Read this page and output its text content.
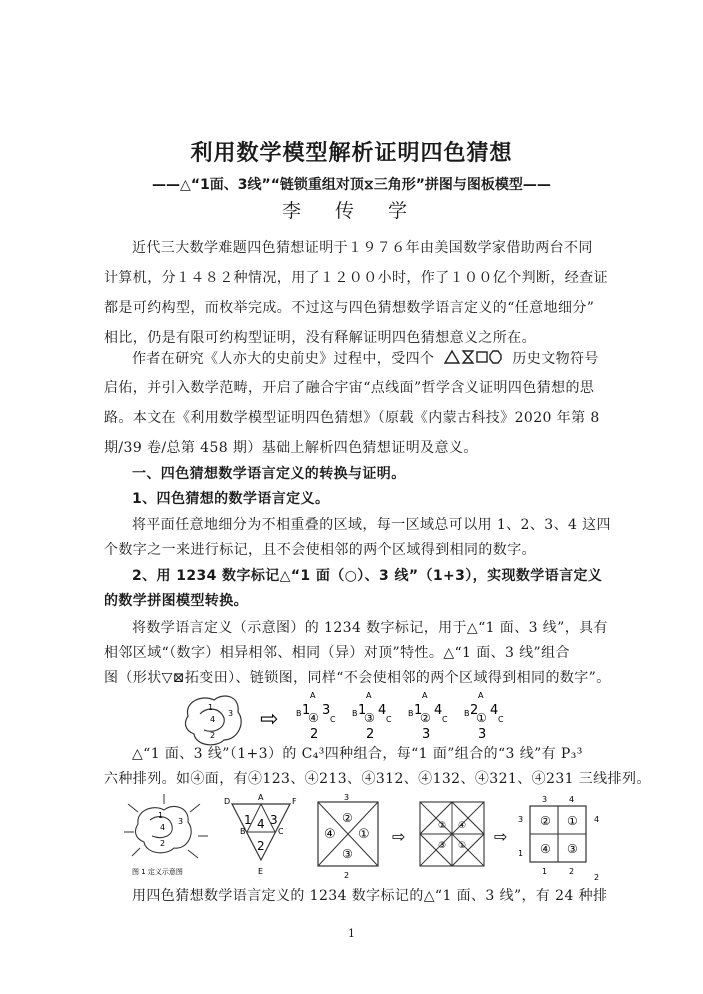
利用数学模型解析证明四色猜想
——△“1面、3线”“链锁重组对顶⧖三角形”拼图与图板模型——
李 传 学
近代三大数学难题四色猜想证明于１９７６年由美国数学家借助两台不同
计算机，分１４８２种情况，用了１２００小时，作了１００亿个判断，经查证
都是可约构型，而枚举完成。不过这与四色猜想数学语言定义的“任意地细分”
相比，仍是有限可约构型证明，没有释解证明四色猜想意义之所在。
作者在研究《人亦大的史前史》过程中，受四个	历史文物符号
启佑，并引入数学范畴，开启了融合宇宙“点线面”哲学含义证明四色猜想的思
路。本文在《利用数学模型证明四色猜想》（原载《内蒙古科技》2020 年第 8
期/39 卷/总第 458 期）基础上解析四色猜想证明及意义。
一、四色猜想数学语言定义的转换与证明。
1、四色猜想的数学语言定义。
将平面任意地细分为不相重叠的区域，每一区域总可以用 1、2、3、4 这四
个数字之一来进行标记，且不会使相邻的两个区域得到相同的数字。
2、用 1234 数字标记△“1 面（○）、3 线”（1+3），实现数学语言定义
的数学拼图模型转换。
将数学语言定义（示意图）的 1234 数字标记，用于△“1 面、3 线”，具有
相邻区域“（数字）相异相邻、相同（异）对顶”特性。△“1 面、3 线”组合
图（形状▽⊠拓变田）、链锁图，同样“不会使相邻的两个区域得到相同的数字”。
1
4
3
2
⇨
A
B 1
④ 3
C
2
A
B 1
③ 4
C
2
A
B 1
② 4
C
3
A
B 2
① 4
C
3
△“1 面、3 线”（1+3）的 C₄³四种组合，每“1 面”组合的“3 线”有 P₃³
六种排列。如④面，有④123、④213、④312、④132、④321、④231 三线排列。
1
4
3
2
图 1 定义示意图
D	F
A
B	C
E
1 4 3
2
3
④ ①
②
③
2
⇨
② ④
③ ① ⇨
② ①
④ ③
3	4
3	4
1	2
1
2
用四色猜想数学语言定义的 1234 数字标记的△“1 面、3 线”，有 24 种排
1
